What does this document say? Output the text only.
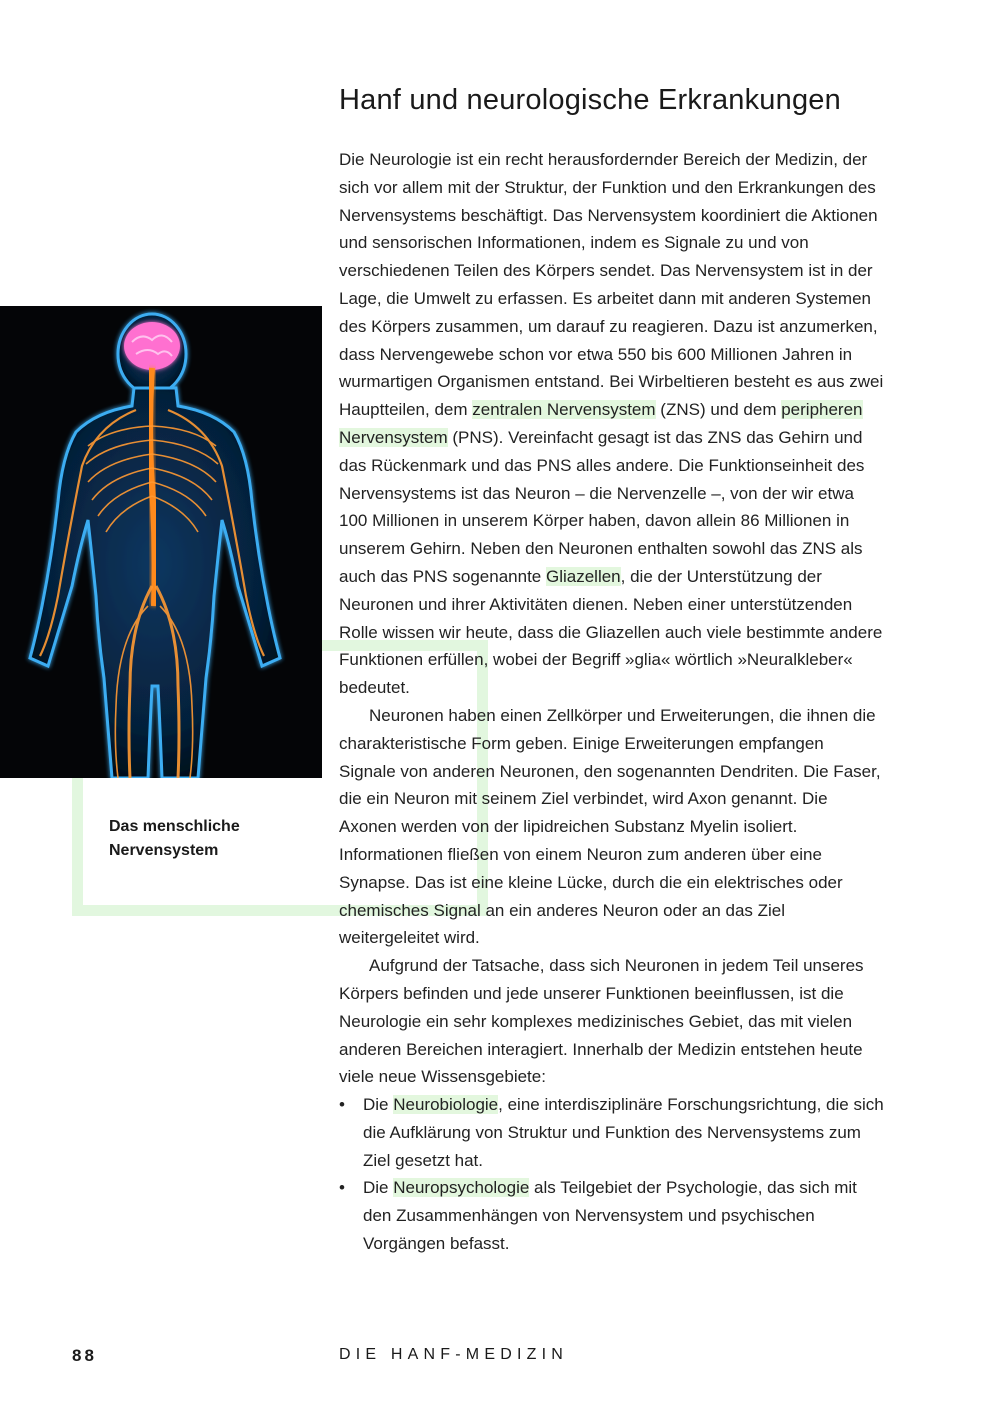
Das menschliche Nervensystem
Hanf und neurologische Erkrankungen

Die Neurologie ist ein recht herausfordernder Bereich der Medizin, der sich vor allem mit der Struktur, der Funktion und den Erkrankungen des Nervensystems beschäftigt. Das Nervensystem koordiniert die Aktionen und sensorischen Informationen, indem es Signale zu und von verschiedenen Teilen des Körpers sendet. Das Nervensystem ist in der Lage, die Umwelt zu erfassen. Es arbeitet dann mit anderen Systemen des Körpers zusammen, um darauf zu reagieren. Dazu ist anzumerken, dass Nervengewebe schon vor etwa 550 bis 600 Millionen Jahren in wurmartigen Organismen entstand. Bei Wirbeltieren besteht es aus zwei Hauptteilen, dem zentralen Nervensystem (ZNS) und dem peripheren Nervensystem (PNS). Vereinfacht gesagt ist das ZNS das Gehirn und das Rückenmark und das PNS alles andere. Die Funktionseinheit des Nervensystems ist das Neuron – die Nervenzelle –, von der wir etwa 100 Millionen in unserem Körper haben, davon allein 86 Millionen in unserem Gehirn. Neben den Neuronen enthalten sowohl das ZNS als auch das PNS sogenannte Gliazellen, die der Unterstützung der Neuronen und ihrer Aktivitäten dienen. Neben einer unterstützenden Rolle wissen wir heute, dass die Gliazellen auch viele bestimmte andere Funktionen erfüllen, wobei der Begriff »glia« wörtlich »Neuralkleber« bedeutet.

Neuronen haben einen Zellkörper und Erweiterungen, die ihnen die charakteristische Form geben. Einige Erweiterungen empfangen Signale von anderen Neuronen, den sogenannten Dendriten. Die Faser, die ein Neuron mit seinem Ziel verbindet, wird Axon genannt. Die Axonen werden von der lipidreichen Substanz Myelin isoliert. Informationen fließen von einem Neuron zum anderen über eine Synapse. Das ist eine kleine Lücke, durch die ein elektrisches oder chemisches Signal an ein anderes Neuron oder an das Ziel weitergeleitet wird.

Aufgrund der Tatsache, dass sich Neuronen in jedem Teil unseres Körpers befinden und jede unserer Funktionen beeinflussen, ist die Neurologie ein sehr komplexes medizinisches Gebiet, das mit vielen anderen Bereichen interagiert. Innerhalb der Medizin entstehen heute viele neue Wissensgebiete:

• Die Neurobiologie, eine interdisziplinäre Forschungsrichtung, die sich die Aufklärung von Struktur und Funktion des Nervensystems zum Ziel gesetzt hat.
• Die Neuropsychologie als Teilgebiet der Psychologie, das sich mit den Zusammenhängen von Nervensystem und psychischen Vorgängen befasst.
88	DIE HANF-MEDIZIN
